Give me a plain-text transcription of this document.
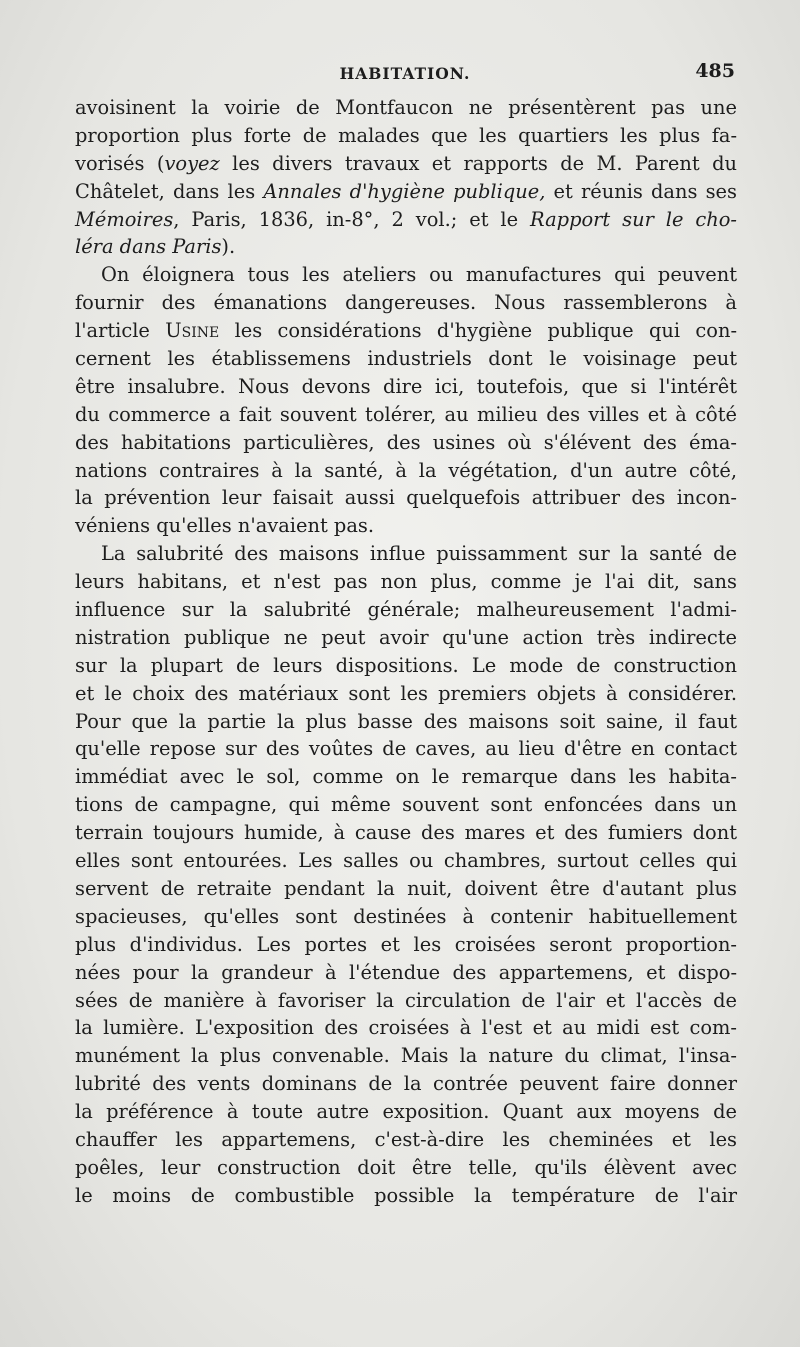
HABITATION.	485
avoisinent la voirie de Montfaucon ne présentèrent pas une
proportion plus forte de malades que les quartiers les plus fa-
vorisés (voyez les divers travaux et rapports de M. Parent du
Châtelet, dans les Annales d'hygiène publique, et réunis dans ses
Mémoires, Paris, 1836, in-8°, 2 vol.; et le Rapport sur le cho-
léra dans Paris).
On éloignera tous les ateliers ou manufactures qui peuvent
fournir des émanations dangereuses. Nous rassemblerons à
l'article Usine les considérations d'hygiène publique qui con-
cernent les établissemens industriels dont le voisinage peut
être insalubre. Nous devons dire ici, toutefois, que si l'intérêt
du commerce a fait souvent tolérer, au milieu des villes et à côté
des habitations particulières, des usines où s'élévent des éma-
nations contraires à la santé, à la végétation, d'un autre côté,
la prévention leur faisait aussi quelquefois attribuer des incon-
véniens qu'elles n'avaient pas.
La salubrité des maisons influe puissamment sur la santé de
leurs habitans, et n'est pas non plus, comme je l'ai dit, sans
influence sur la salubrité générale; malheureusement l'admi-
nistration publique ne peut avoir qu'une action très indirecte
sur la plupart de leurs dispositions. Le mode de construction
et le choix des matériaux sont les premiers objets à considérer.
Pour que la partie la plus basse des maisons soit saine, il faut
qu'elle repose sur des voûtes de caves, au lieu d'être en contact
immédiat avec le sol, comme on le remarque dans les habita-
tions de campagne, qui même souvent sont enfoncées dans un
terrain toujours humide, à cause des mares et des fumiers dont
elles sont entourées. Les salles ou chambres, surtout celles qui
servent de retraite pendant la nuit, doivent être d'autant plus
spacieuses, qu'elles sont destinées à contenir habituellement
plus d'individus. Les portes et les croisées seront proportion-
nées pour la grandeur à l'étendue des appartemens, et dispo-
sées de manière à favoriser la circulation de l'air et l'accès de
la lumière. L'exposition des croisées à l'est et au midi est com-
munément la plus convenable. Mais la nature du climat, l'insa-
lubrité des vents dominans de la contrée peuvent faire donner
la préférence à toute autre exposition. Quant aux moyens de
chauffer les appartemens, c'est-à-dire les cheminées et les
poêles, leur construction doit être telle, qu'ils élèvent avec
le moins de combustible possible la température de l'air
